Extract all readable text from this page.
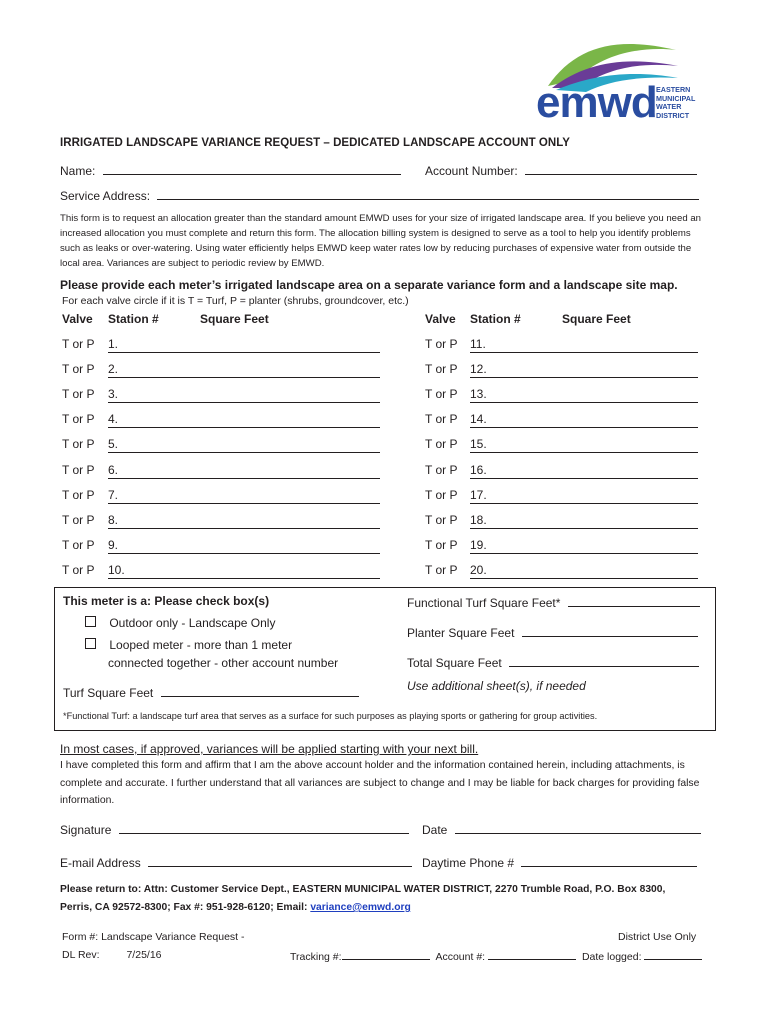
emwd EASTERN
MUNICIPAL
WATER
DISTRICT
IRRIGATED LANDSCAPE VARIANCE REQUEST – DEDICATED LANDSCAPE ACCOUNT ONLY
Name:	Account Number:
Service Address:
This form is to request an allocation greater than the standard amount EMWD uses for your size of irrigated landscape area. If you believe you need an increased allocation you must complete and return this form. The allocation billing system is designed to serve as a tool to help you identify problems such as leaks or over-watering. Using water efficiently helps EMWD keep water rates low by reducing purchases of expensive water from outside the local area. Variances are subject to periodic review by EMWD.
Please provide each meter’s irrigated landscape area on a separate variance form and a landscape site map.
For each valve circle if it is T = Turf, P = planter (shrubs, groundcover, etc.)
Valve Station #	Square Feet	Valve Station #	Square Feet
T or P 1.
T or P 2.
T or P 3.
T or P 4.
T or P 5.
T or P 6.
T or P 7.
T or P 8.
T or P 9.
T or P 10.
T or P 11.
T or P 12.
T or P 13.
T or P 14.
T or P 15.
T or P 16.
T or P 17.
T or P 18.
T or P 19.
T or P 20.
This meter is a: Please check box(s)
Outdoor only - Landscape Only
Looped meter - more than 1 meter
connected together - other account number
Turf Square Feet
Functional Turf Square Feet*
Planter Square Feet
Total Square Feet
Use additional sheet(s), if needed
*Functional Turf: a landscape turf area that serves as a surface for such purposes as playing sports or gathering for group activities.
In most cases, if approved, variances will be applied starting with your next bill.
I have completed this form and affirm that I am the above account holder and the information contained herein, including attachments, is complete and accurate. I further understand that all variances are subject to change and I may be liable for back charges for providing false information.
Signature	Date
E-mail Address	Daytime Phone #
Please return to: Attn: Customer Service Dept., EASTERN MUNICIPAL WATER DISTRICT, 2270 Trumble Road, P.O. Box 8300,
Perris, CA 92572-8300; Fax #: 951-928-6120; Email: variance@emwd.org
Form #: Landscape Variance Request -
DL Rev:	7/25/16
District Use Only
Tracking #:	Account #:	Date logged:
